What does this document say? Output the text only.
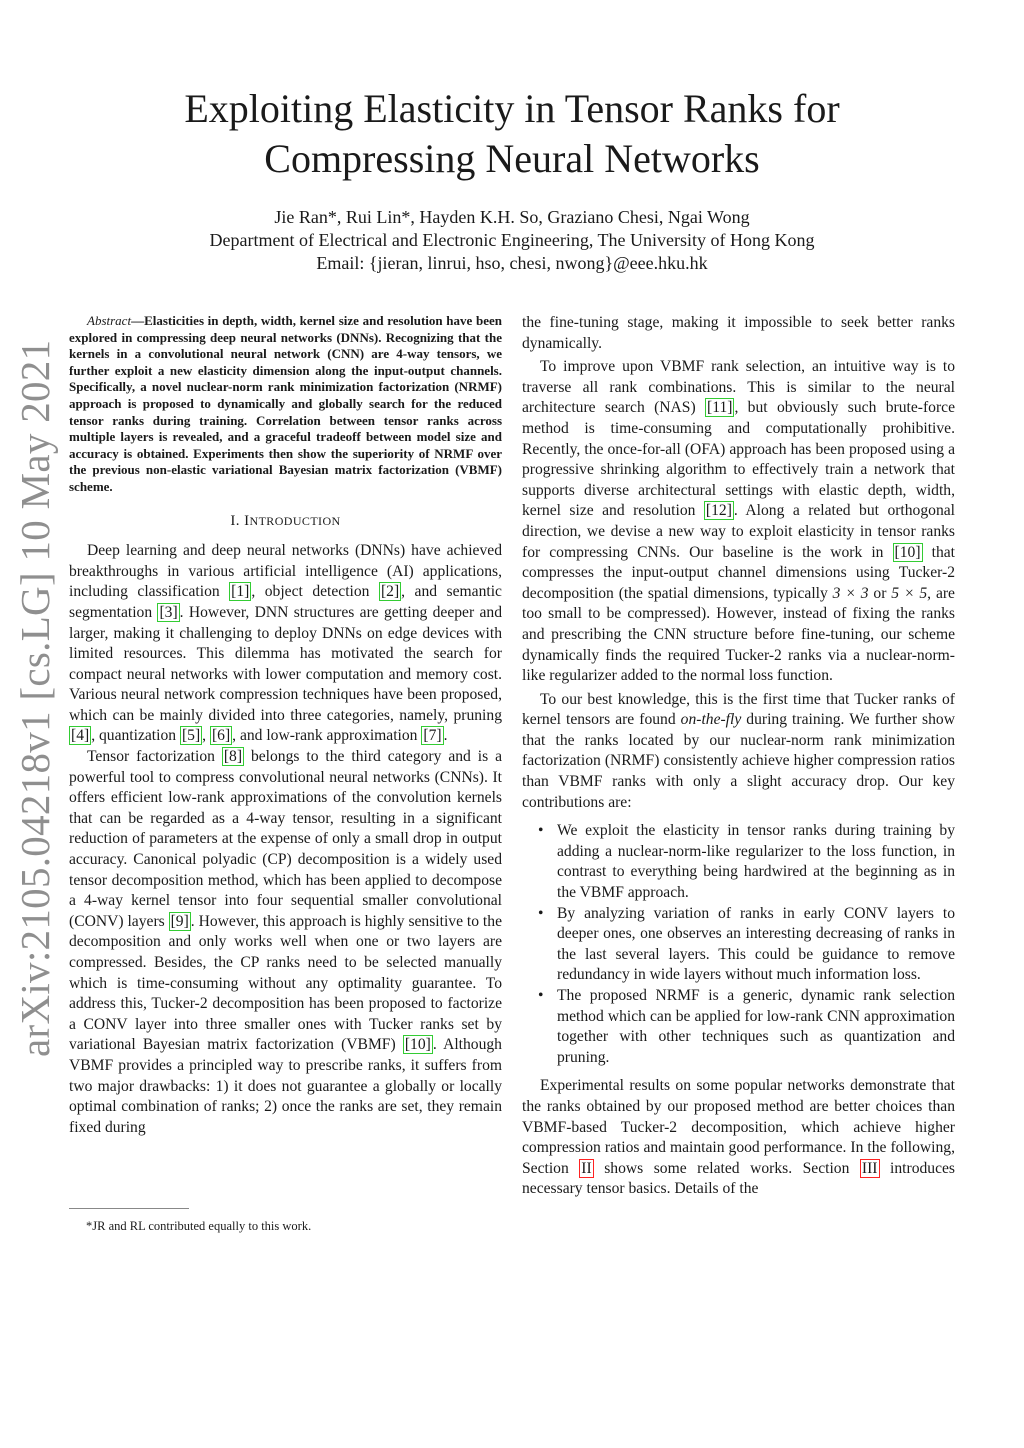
arXiv:2105.04218v1 [cs.LG] 10 May 2021
Exploiting Elasticity in Tensor Ranks for
Compressing Neural Networks
Jie Ran*, Rui Lin*, Hayden K.H. So, Graziano Chesi, Ngai Wong
Department of Electrical and Electronic Engineering, The University of Hong Kong
Email: {jieran, linrui, hso, chesi, nwong}@eee.hku.hk

Abstract—Elasticities in depth, width, kernel size and resolution have been explored in compressing deep neural networks (DNNs). Recognizing that the kernels in a convolutional neural network (CNN) are 4-way tensors, we further exploit a new elasticity dimension along the input-output channels. Specifically, a novel nuclear-norm rank minimization factorization (NRMF) approach is proposed to dynamically and globally search for the reduced tensor ranks during training. Correlation between tensor ranks across multiple layers is revealed, and a graceful tradeoff between model size and accuracy is obtained. Experiments then show the superiority of NRMF over the previous non-elastic variational Bayesian matrix factorization (VBMF) scheme.

I. INTRODUCTION

Deep learning and deep neural networks (DNNs) have achieved breakthroughs in various artificial intelligence (AI) applications, including classification [1] , object detection [2] , and semantic segmentation [3] . However, DNN structures are getting deeper and larger, making it challenging to deploy DNNs on edge devices with limited resources. This dilemma has motivated the search for compact neural networks with lower computation and memory cost. Various neural network compression techniques have been proposed, which can be mainly divided into three categories, namely, pruning [4] , quantization [5] , [6] , and low-rank approximation [7] .

Tensor factorization [8] belongs to the third category and is a powerful tool to compress convolutional neural networks (CNNs). It offers efficient low-rank approximations of the convolution kernels that can be regarded as a 4-way tensor, resulting in a significant reduction of parameters at the expense of only a small drop in output accuracy. Canonical polyadic (CP) decomposition is a widely used tensor decomposition method, which has been applied to decompose a 4-way kernel tensor into four sequential smaller convolutional (CONV) layers [9] . However, this approach is highly sensitive to the decomposition and only works well when one or two layers are compressed. Besides, the CP ranks need to be selected manually which is time-consuming without any optimality guarantee. To address this, Tucker-2 decomposition has been proposed to factorize a CONV layer into three smaller ones with Tucker ranks set by variational Bayesian matrix factorization (VBMF) [10] . Although VBMF provides a principled way to prescribe ranks, it suffers from two major drawbacks: 1) it does not guarantee a globally or locally optimal combination of ranks; 2) once the ranks are set, they remain fixed during

*JR and RL contributed equally to this work.

the fine-tuning stage, making it impossible to seek better ranks dynamically.

To improve upon VBMF rank selection, an intuitive way is to traverse all rank combinations. This is similar to the neural architecture search (NAS) [11] , but obviously such brute-force method is time-consuming and computationally prohibitive. Recently, the once-for-all (OFA) approach has been proposed using a progressive shrinking algorithm to effectively train a network that supports diverse architectural settings with elastic depth, width, kernel size and resolution [12] . Along a related but orthogonal direction, we devise a new way to exploit elasticity in tensor ranks for compressing CNNs. Our baseline is the work in [10] that compresses the input-output channel dimensions using Tucker-2 decomposition (the spatial dimensions, typically 3 × 3 or 5 × 5, are too small to be compressed). However, instead of fixing the ranks and prescribing the CNN structure before fine-tuning, our scheme dynamically finds the required Tucker-2 ranks via a nuclear-norm-like regularizer added to the normal loss function.

To our best knowledge, this is the first time that Tucker ranks of kernel tensors are found on-the-fly during training. We further show that the ranks located by our nuclear-norm rank minimization factorization (NRMF) consistently achieve higher compression ratios than VBMF ranks with only a slight accuracy drop. Our key contributions are:

• We exploit the elasticity in tensor ranks during training by adding a nuclear-norm-like regularizer to the loss function, in contrast to everything being hardwired at the beginning as in the VBMF approach.
• By analyzing variation of ranks in early CONV layers to deeper ones, one observes an interesting decreasing of ranks in the last several layers. This could be guidance to remove redundancy in wide layers without much information loss.
• The proposed NRMF is a generic, dynamic rank selection method which can be applied for low-rank CNN approximation together with other techniques such as quantization and pruning.

Experimental results on some popular networks demonstrate that the ranks obtained by our proposed method are better choices than VBMF-based Tucker-2 decomposition, which achieve higher compression ratios and maintain good performance. In the following, Section II shows some related works. Section III introduces necessary tensor basics. Details of the
